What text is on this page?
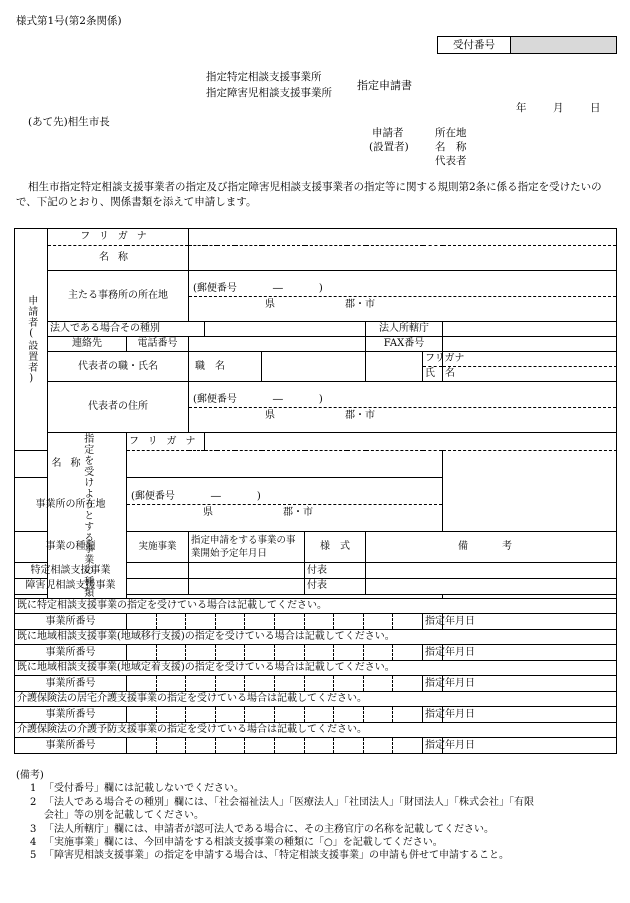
様式第1号(第2条関係)
受付番号
指定特定相談支援事業所
指定障害児相談支援事業所
指定申請書
年	月	日
(あて先)相生市長
申請者
(設置者)
所在地
名　称
代表者
相生市指定特定相談支援事業者の指定及び指定障害児相談支援事業者の指定等に関する規則第2条に係る指定を受けたいので、下記のとおり、関係書類を添えて申請します。
申請者(設置者)	フリガナ								
	名称								
	主たる事務所の所在地		(郵便番号 ― )
県 郡・市						

	法人である場合その種別						法人所轄庁		
	連絡先	電話番号					FAX番号		
	代表者の職・氏名		職　名					フリガナ	
								氏　名	
	代表者の住所		(郵便番号 ― )
県 郡・市						

	指定を受けようとする事業の種類	フリガナ							
名称									
事業所の所在地		(郵便番号 ― )
県 郡・市							

事業の種類		実施事業	指定申請をする事業の事業開始予定年月日			様　式	備　考		
特定相談支援事業						付表			
障害児相談支援事業						付表			

既に特定相談支援事業の指定を受けている場合は記載してください。									
事業所番号								指定年月日	
既に地域相談支援事業(地域移行支援)の指定を受けている場合は記載してください。									
事業所番号								指定年月日	
既に地域相談支援事業(地域定着支援)の指定を受けている場合は記載してください。									
事業所番号								指定年月日	
介護保険法の居宅介護支援事業の指定を受けている場合は記載してください。									
事業所番号								指定年月日	
介護保険法の介護予防支援事業の指定を受けている場合は記載してください。									
事業所番号								指定年月日	
(備考)
1 「受付番号」欄には記載しないでください。
2 「法人である場合その種別」欄には、「社会福祉法人」「医療法人」「社団法人」「財団法人」「株式会社」「有限
会社」等の別を記載してください。
3 「法人所轄庁」欄には、申請者が認可法人である場合に、その主務官庁の名称を記載してください。
4 「実施事業」欄には、今回申請をする相談支援事業の種類に「○」を記載してください。
5 「障害児相談支援事業」の指定を申請する場合は、「特定相談支援事業」の申請も併せて申請すること。
